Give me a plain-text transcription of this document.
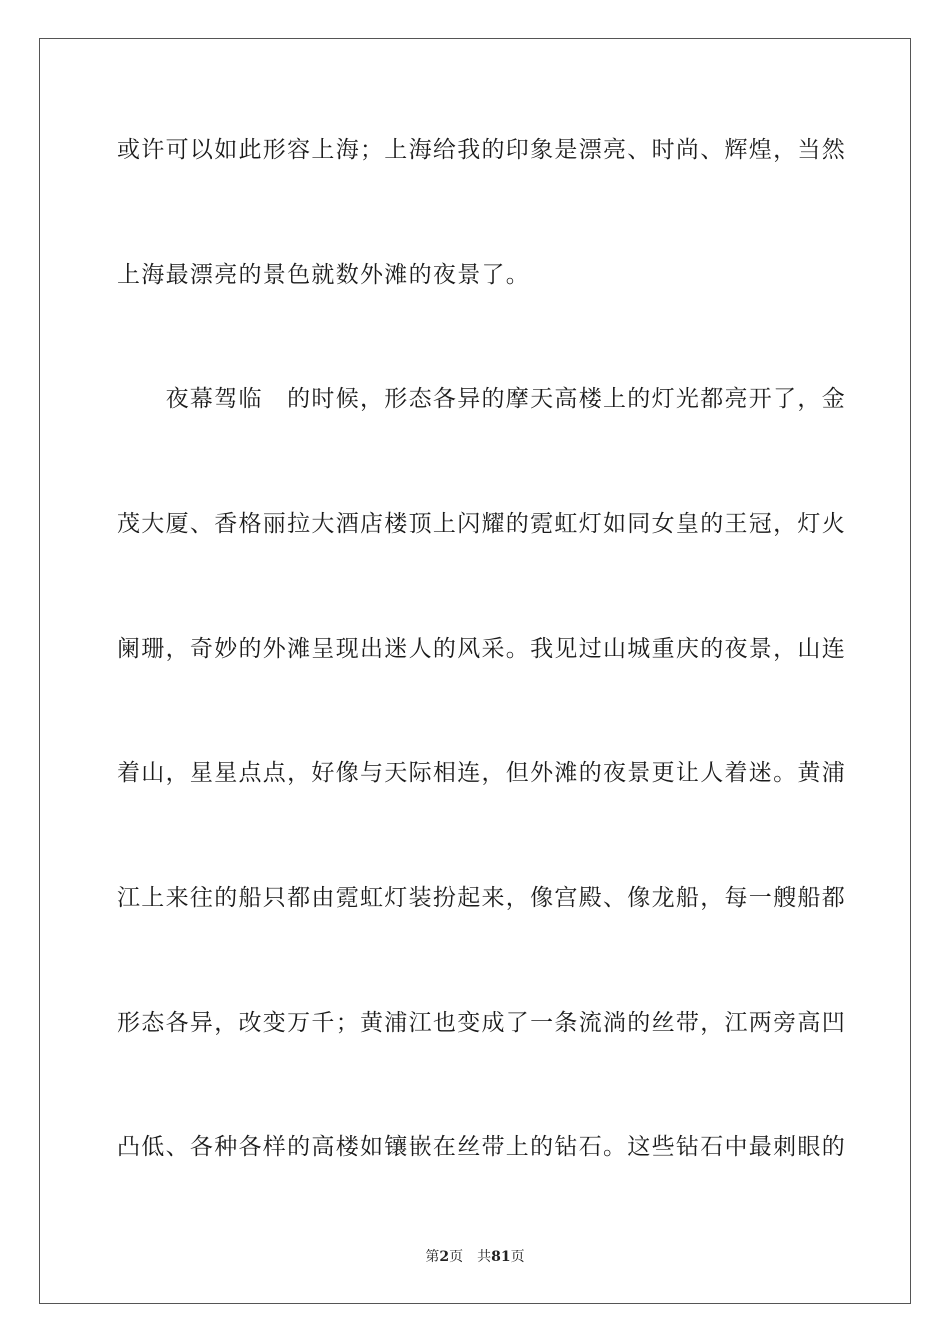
或许可以如此形容上海；上海给我的印象是漂亮、时尚、辉煌，当然
上海最漂亮的景色就数外滩的夜景了。
　　夜幕驾临　的时候，形态各异的摩天高楼上的灯光都亮开了，金
茂大厦、香格丽拉大酒店楼顶上闪耀的霓虹灯如同女皇的王冠，灯火
阑珊，奇妙的外滩呈现出迷人的风采。我见过山城重庆的夜景，山连
着山，星星点点，好像与天际相连，但外滩的夜景更让人着迷。黄浦
江上来往的船只都由霓虹灯装扮起来，像宫殿、像龙船，每一艘船都
形态各异，改变万千；黄浦江也变成了一条流淌的丝带，江两旁高凹
凸低、各种各样的高楼如镶嵌在丝带上的钻石。这些钻石中最刺眼的
第2页 共81页
